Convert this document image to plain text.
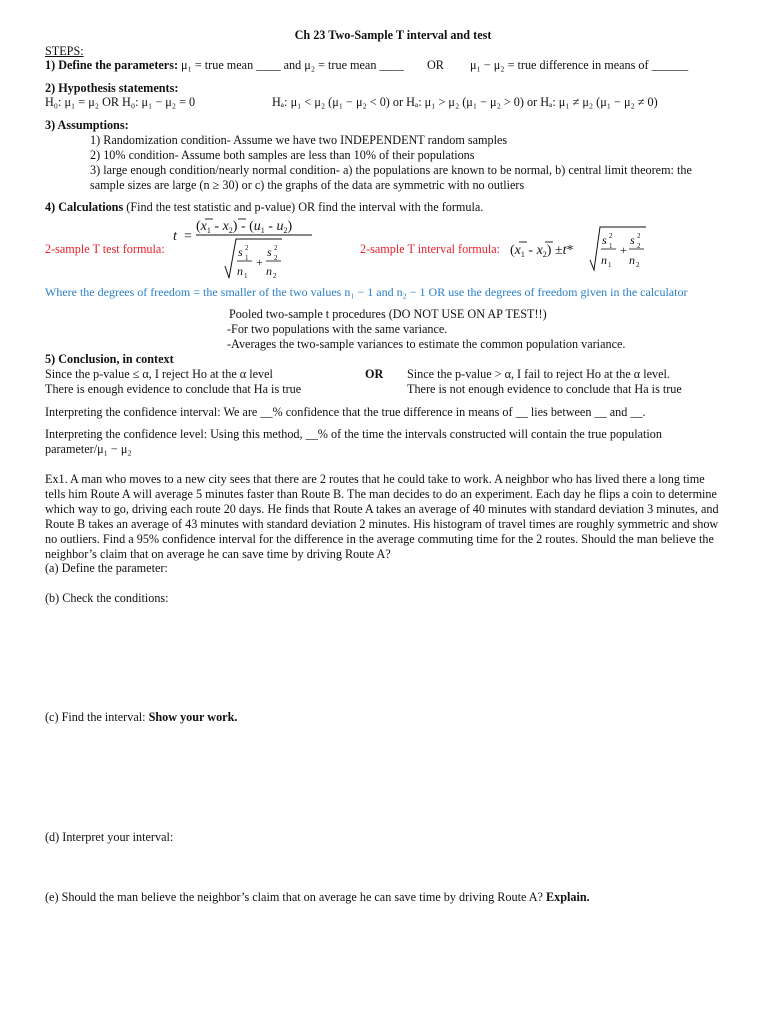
Ch 23 Two-Sample T interval and test
STEPS:
1) Define the parameters: μ₁ = true mean ____ and μ₂ = true mean ____ OR μ₁ − μ₂ = true difference in means of ______
2) Hypothesis statements:
H₀: μ₁ = μ₂ OR H₀: μ₁ − μ₂ = 0	Hₐ: μ₁ < μ₂ (μ₁ − μ₂ < 0) or Hₐ: μ₁ > μ₂ (μ₁ − μ₂ > 0) or Hₐ: μ₁ ≠ μ₂ (μ₁ − μ₂ ≠ 0)
3) Assumptions:
1) Randomization condition- Assume we have two INDEPENDENT random samples
2) 10% condition- Assume both samples are less than 10% of their populations
3) large enough condition/nearly normal condition- a) the populations are known to be normal, b) central limit theorem: the
sample sizes are large (n ≥ 30) or c) the graphs of the data are symmetric with no outliers
4) Calculations (Find the test statistic and p-value) OR find the interval with the formula.
2-sample T test formula:
t =
$(x_1 - x_2) - (u_1 - u_2)$
s 2
1
n 1
+
s 2
2
n 2
2-sample T interval formula: $(x_1 - x_2) \pm t*$
s 2
1
n 1
+
s 2
2
n 2
Where the degrees of freedom = the smaller of the two values n₁ − 1 and n₂ − 1 OR use the degrees of freedom given in the calculator
Pooled two-sample t procedures (DO NOT USE ON AP TEST!!)
-For two populations with the same variance.
-Averages the two-sample variances to estimate the common population variance.
5) Conclusion, in context
Since the p-value ≤ α, I reject Ho at the α level
There is enough evidence to conclude that Ha is true
OR Since the p-value > α, I fail to reject Ho at the α level.
There is not enough evidence to conclude that Ha is true
Interpreting the confidence interval: We are __% confidence that the true difference in means of __ lies between __ and __.
Interpreting the confidence level: Using this method, __% of the time the intervals constructed will contain the true population
parameter/μ₁ − μ₂
Ex1. A man who moves to a new city sees that there are 2 routes that he could take to work. A neighbor who has lived there a long time
tells him Route A will average 5 minutes faster than Route B. The man decides to do an experiment. Each day he flips a coin to determine
which way to go, driving each route 20 days. He finds that Route A takes an average of 40 minutes with standard deviation 3 minutes, and
Route B takes an average of 43 minutes with standard deviation 2 minutes. His histogram of travel times are roughly symmetric and show
no outliers. Find a 95% confidence interval for the difference in the average commuting time for the 2 routes. Should the man believe the
neighbor’s claim that on average he can save time by driving Route A?
(a) Define the parameter:
(b) Check the conditions:
(c) Find the interval: Show your work.
(d) Interpret your interval:
(e) Should the man believe the neighbor’s claim that on average he can save time by driving Route A? Explain.
